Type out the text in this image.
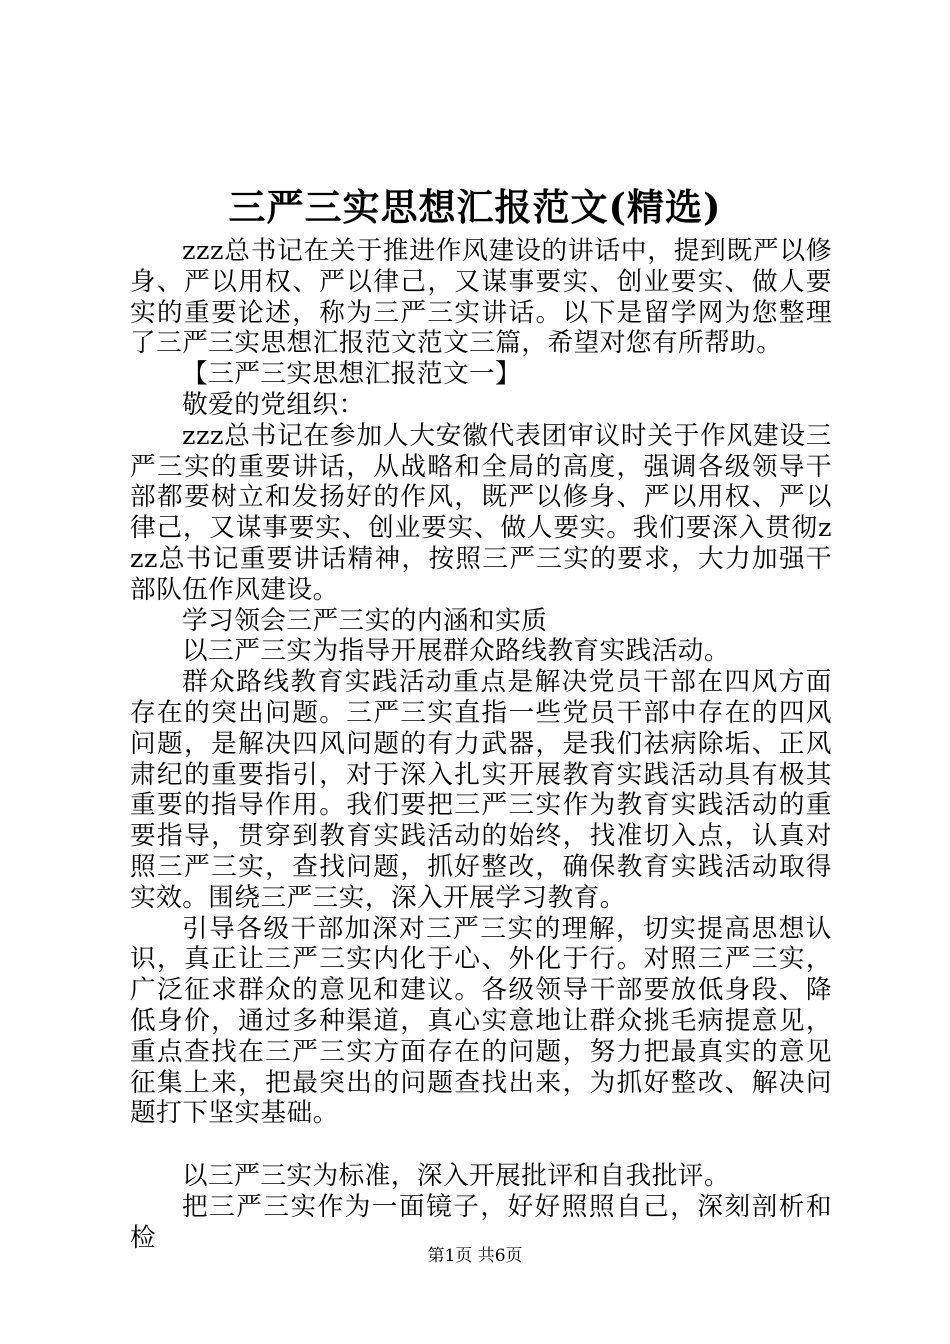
三严三实思想汇报范文(精选)

zzz总书记在关于推进作风建设的讲话中，提到既严以修身、严以用权、严以律己，又谋事要实、创业要实、做人要实的重要论述，称为三严三实讲话。以下是留学网为您整理了三严三实思想汇报范文范文三篇，希望对您有所帮助。

【三严三实思想汇报范文一】

敬爱的党组织：

zzz总书记在参加人大安徽代表团审议时关于作风建设三严三实的重要讲话，从战略和全局的高度，强调各级领导干部都要树立和发扬好的作风，既严以修身、严以用权、严以律己，又谋事要实、创业要实、做人要实。我们要深入贯彻zzz总书记重要讲话精神，按照三严三实的要求，大力加强干部队伍作风建设。

学习领会三严三实的内涵和实质

以三严三实为指导开展群众路线教育实践活动。

群众路线教育实践活动重点是解决党员干部在四风方面存在的突出问题。三严三实直指一些党员干部中存在的四风问题，是解决四风问题的有力武器，是我们祛病除垢、正风肃纪的重要指引，对于深入扎实开展教育实践活动具有极其重要的指导作用。我们要把三严三实作为教育实践活动的重要指导，贯穿到教育实践活动的始终，找准切入点，认真对照三严三实，查找问题，抓好整改，确保教育实践活动取得实效。围绕三严三实，深入开展学习教育。

引导各级干部加深对三严三实的理解，切实提高思想认识，真正让三严三实内化于心、外化于行。对照三严三实，广泛征求群众的意见和建议。各级领导干部要放低身段、降低身价，通过多种渠道，真心实意地让群众挑毛病提意见，重点查找在三严三实方面存在的问题，努力把最真实的意见征集上来，把最突出的问题查找出来，为抓好整改、解决问题打下坚实基础。

以三严三实为标准，深入开展批评和自我批评。

把三严三实作为一面镜子，好好照照自己，深刻剖析和检

第1页 共6页
